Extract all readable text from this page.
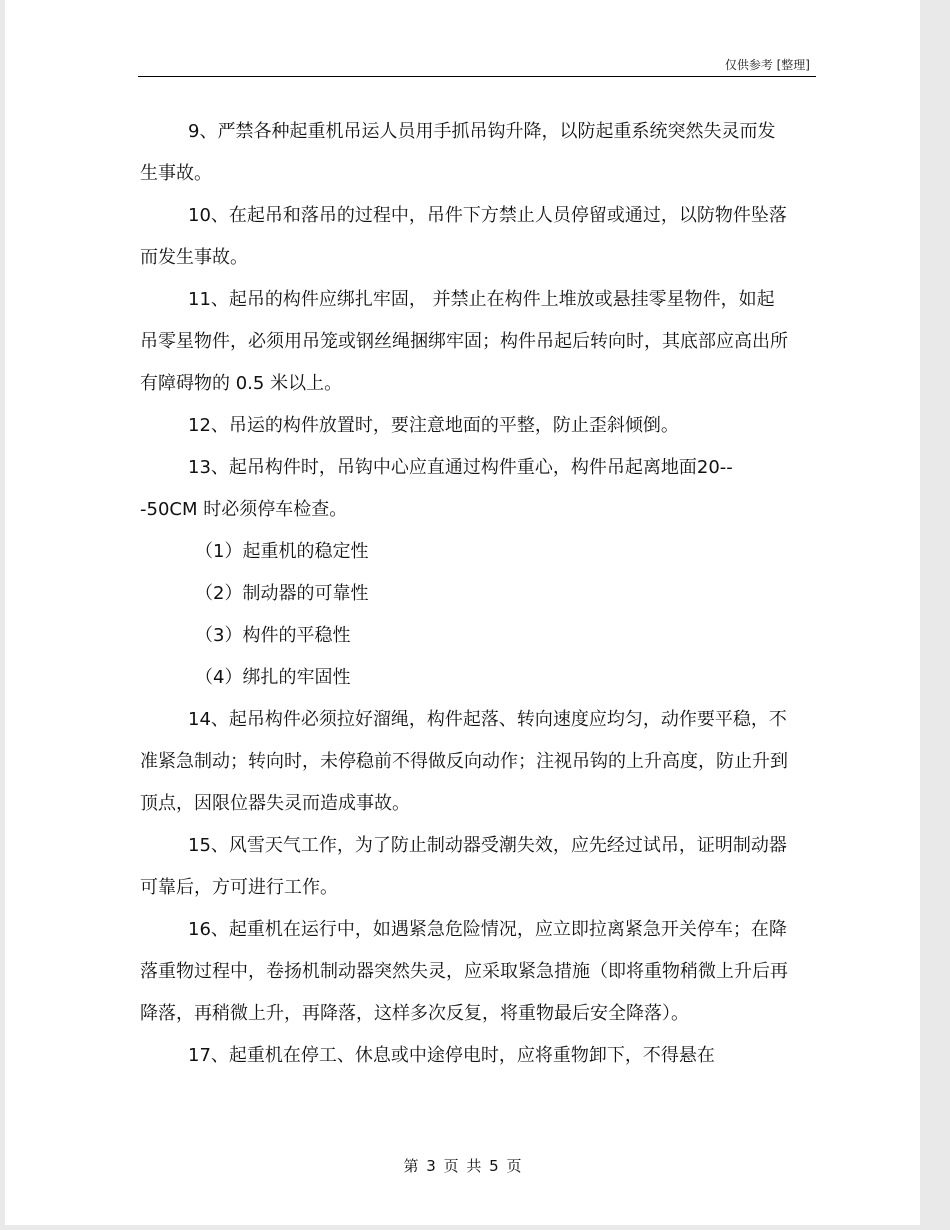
仅供参考 [整理]

9、严禁各种起重机吊运人员用手抓吊钩升降，以防起重系统突然失灵而发生事故。

10、在起吊和落吊的过程中，吊件下方禁止人员停留或通过，以防物件坠落而发生事故。

11、起吊的构件应绑扎牢固， 并禁止在构件上堆放或悬挂零星物件，如起吊零星物件，必须用吊笼或钢丝绳捆绑牢固；构件吊起后转向时，其底部应高出所有障碍物的 0.5 米以上。

12、吊运的构件放置时，要注意地面的平整，防止歪斜倾倒。

13、起吊构件时，吊钩中心应直通过构件重心，构件吊起离地面20---50CM 时必须停车检查。

（1）起重机的稳定性

（2）制动器的可靠性

（3）构件的平稳性

（4）绑扎的牢固性

14、起吊构件必须拉好溜绳，构件起落、转向速度应均匀，动作要平稳，不准紧急制动；转向时，未停稳前不得做反向动作；注视吊钩的上升高度，防止升到顶点，因限位器失灵而造成事故。

15、风雪天气工作，为了防止制动器受潮失效，应先经过试吊，证明制动器可靠后，方可进行工作。

16、起重机在运行中，如遇紧急危险情况，应立即拉离紧急开关停车；在降落重物过程中，卷扬机制动器突然失灵，应采取紧急措施（即将重物稍微上升后再降落，再稍微上升，再降落，这样多次反复，将重物最后安全降落）。

17、起重机在停工、休息或中途停电时，应将重物卸下，不得悬在

第 3 页 共 5 页
